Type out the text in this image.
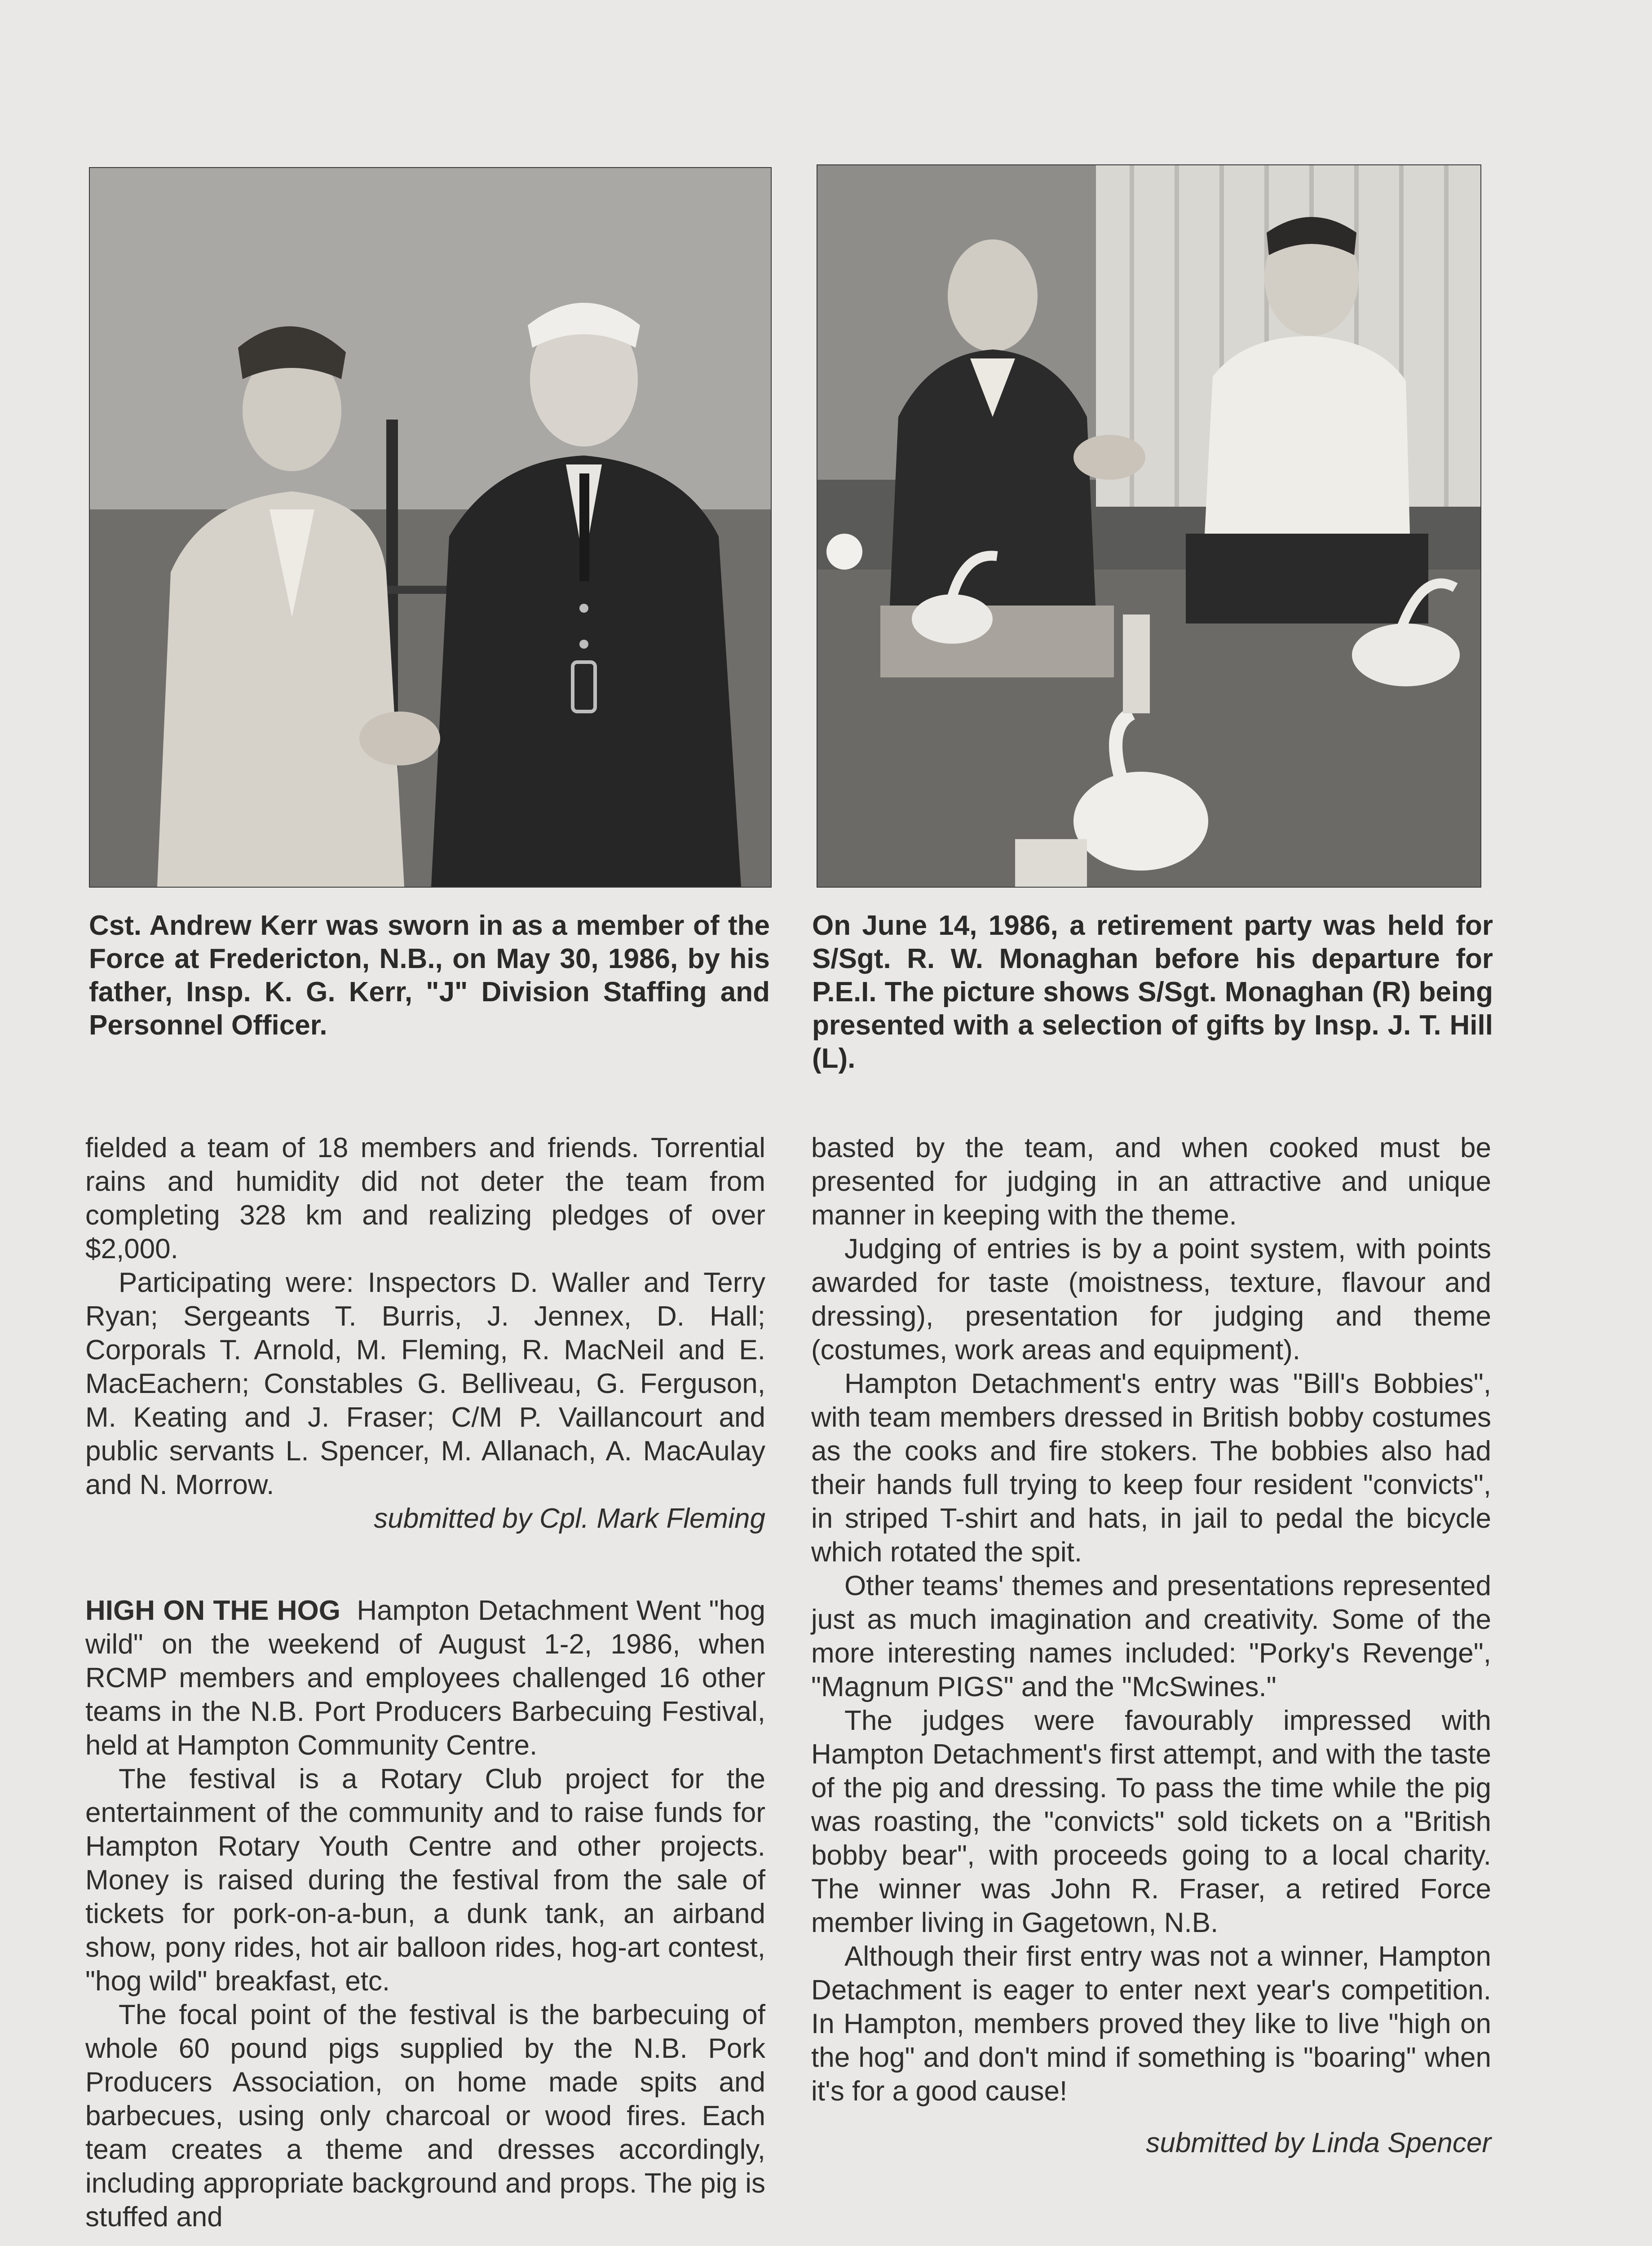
Cst. Andrew Kerr was sworn in as a member of the Force at Fredericton, N.B., on May 30, 1986, by his father, Insp. K. G. Kerr, "J" Division Staffing and Personnel Officer.

On June 14, 1986, a retirement party was held for S/Sgt. R. W. Monaghan before his departure for P.E.I. The picture shows S/Sgt. Monaghan (R) being presented with a selection of gifts by Insp. J. T. Hill (L).

fielded a team of 18 members and friends. Torrential rains and humidity did not deter the team from completing 328 km and realizing pledges of over $2,000.

Participating were: Inspectors D. Waller and Terry Ryan; Sergeants T. Burris, J. Jennex, D. Hall; Corporals T. Arnold, M. Fleming, R. MacNeil and E. MacEachern; Constables G. Belliveau, G. Ferguson, M. Keating and J. Fraser; C/M P. Vaillancourt and public servants L. Spencer, M. Allanach, A. MacAulay and N. Morrow.

submitted by Cpl. Mark Fleming

HIGH ON THE HOG Hampton Detachment Went "hog wild" on the weekend of August 1-2, 1986, when RCMP members and employees challenged 16 other teams in the N.B. Port Producers Barbecuing Festival, held at Hampton Community Centre.

The festival is a Rotary Club project for the entertainment of the community and to raise funds for Hampton Rotary Youth Centre and other projects. Money is raised during the festival from the sale of tickets for pork-on-a-bun, a dunk tank, an airband show, pony rides, hot air balloon rides, hog-art contest, "hog wild" breakfast, etc.

The focal point of the festival is the barbecuing of whole 60 pound pigs supplied by the N.B. Pork Producers Association, on home made spits and barbecues, using only charcoal or wood fires. Each team creates a theme and dresses accordingly, including appropriate background and props. The pig is stuffed and

basted by the team, and when cooked must be presented for judging in an attractive and unique manner in keeping with the theme.

Judging of entries is by a point system, with points awarded for taste (moistness, texture, flavour and dressing), presentation for judging and theme (costumes, work areas and equipment).

Hampton Detachment's entry was "Bill's Bobbies", with team members dressed in British bobby costumes as the cooks and fire stokers. The bobbies also had their hands full trying to keep four resident "convicts", in striped T-shirt and hats, in jail to pedal the bicycle which rotated the spit.

Other teams' themes and presentations represented just as much imagination and creativity. Some of the more interesting names included: "Porky's Revenge", "Magnum PIGS" and the "McSwines."

The judges were favourably impressed with Hampton Detachment's first attempt, and with the taste of the pig and dressing. To pass the time while the pig was roasting, the "convicts" sold tickets on a "British bobby bear", with proceeds going to a local charity. The winner was John R. Fraser, a retired Force member living in Gagetown, N.B.

Although their first entry was not a winner, Hampton Detachment is eager to enter next year's competition. In Hampton, members proved they like to live "high on the hog" and don't mind if something is "boaring" when it's for a good cause!

submitted by Linda Spencer
